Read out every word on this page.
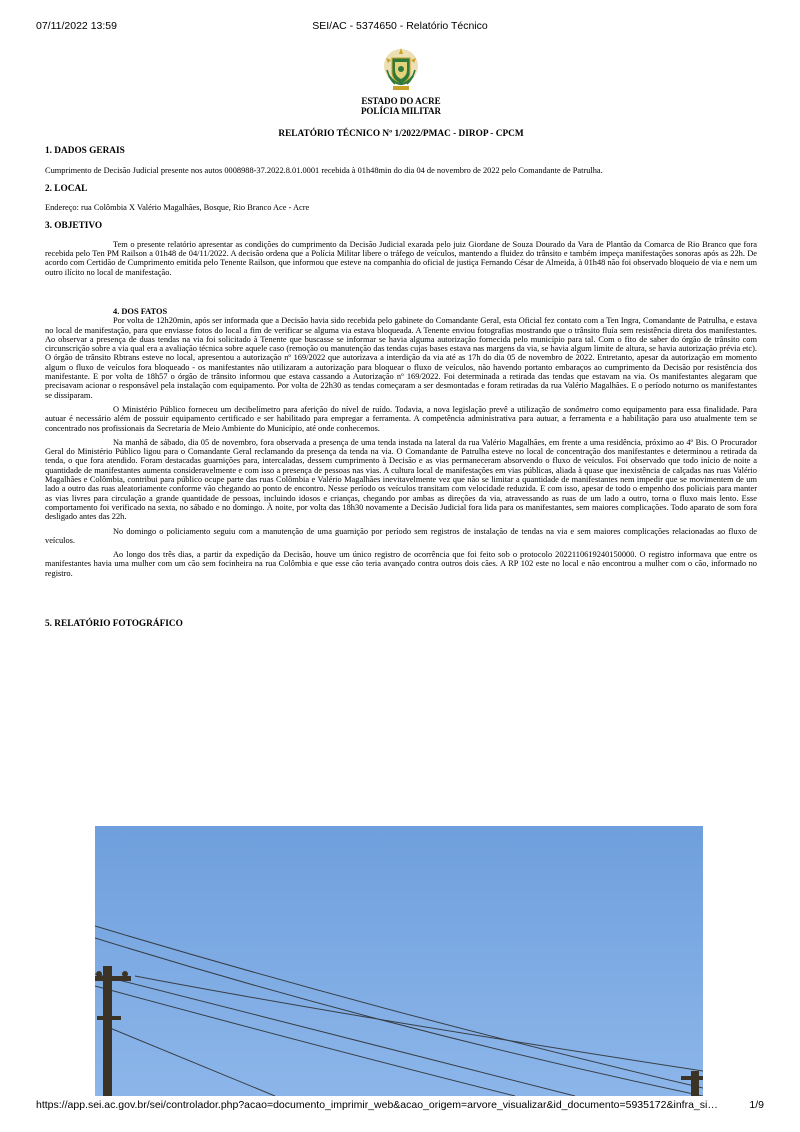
07/11/2022 13:59	SEI/AC - 5374650 - Relatório Técnico
ESTADO DO ACRE
POLÍCIA MILITAR
RELATÓRIO TÉCNICO Nº 1/2022/PMAC - DIROP - CPCM
1. DADOS GERAIS

Cumprimento de Decisão Judicial presente nos autos 0008988-37.2022.8.01.0001 recebida à 01h48min do dia 04 de novembro de 2022 pelo Comandante de Patrulha.

2. LOCAL

Endereço: rua Colômbia X Valério Magalhães, Bosque, Rio Branco Ace - Acre

3. OBJETIVO

Tem o presente relatório apresentar as condições do cumprimento da Decisão Judicial exarada pelo juiz Giordane de Souza Dourado da Vara de Plantão da Comarca de Rio Branco que fora recebida pelo Ten PM Railson a 01h48 de 04/11/2022. A decisão ordena que a Polícia Militar libere o tráfego de veículos, mantendo a fluidez do trânsito e também impeça manifestações sonoras após as 22h. De acordo com Certidão de Cumprimento emitida pelo Tenente Railson, que informou que esteve na companhia do oficial de justiça Fernando César de Almeida, à 01h48 não foi observado bloqueio de via e nem um outro ilícito no local de manifestação.

4. DOS FATOS

Por volta de 12h20min, após ser informada que a Decisão havia sido recebida pelo gabinete do Comandante Geral, esta Oficial fez contato com a Ten Ingra, Comandante de Patrulha, e estava no local de manifestação, para que enviasse fotos do local a fim de verificar se alguma via estava bloqueada. A Tenente enviou fotografias mostrando que o trânsito fluía sem resistência direta dos manifestantes. Ao observar a presença de duas tendas na via foi solicitado à Tenente que buscasse se informar se havia alguma autorização fornecida pelo município para tal. Com o fito de saber do órgão de trânsito com circunscrição sobre a via qual era a avaliação técnica sobre aquele caso (remoção ou manutenção das tendas cujas bases estava nas margens da via, se havia algum limite de altura, se havia autorização prévia etc). O órgão de trânsito Rbtrans esteve no local, apresentou a autorização nº 169/2022 que autorizava a interdição da via até as 17h do dia 05 de novembro de 2022. Entretanto, apesar da autorização em momento algum o fluxo de veículos fora bloqueado - os manifestantes não utilizaram a autorização para bloquear o fluxo de veículos, não havendo portanto embaraços ao cumprimento da Decisão por resistência dos manifestante. E por volta de 18h57 o órgão de trânsito informou que estava cassando a Autorização nº 169/2022. Foi determinada a retirada das tendas que estavam na via. Os manifestantes alegaram que precisavam acionar o responsável pela instalação com equipamento. Por volta de 22h30 as tendas começaram a ser desmontadas e foram retiradas da rua Valério Magalhães. E o período noturno os manifestantes se dissiparam.

O Ministério Público forneceu um decibelímetro para aferição do nível de ruído. Todavia, a nova legislação prevê a utilização de sonômetro como equipamento para essa finalidade. Para autuar é necessário além de possuir equipamento certificado e ser habilitado para empregar a ferramenta. A competência administrativa para autuar, a ferramenta e a habilitação para uso atualmente tem se concentrado nos profissionais da Secretaria de Meio Ambiente do Município, até onde conhecemos.

Na manhã de sábado, dia 05 de novembro, fora observada a presença de uma tenda instada na lateral da rua Valério Magalhães, em frente a uma residência, próximo ao 4º Bis. O Procurador Geral do Ministério Público ligou para o Comandante Geral reclamando da presença da tenda na via. O Comandante de Patrulha esteve no local de concentração dos manifestantes e determinou a retirada da tenda, o que fora atendido. Foram destacadas guarnições para, intercaladas, dessem cumprimento à Decisão e as vias permaneceram absorvendo o fluxo de veículos. Foi observado que todo início de noite a quantidade de manifestantes aumenta consideravelmente e com isso a presença de pessoas nas vias. A cultura local de manifestações em vias públicas, aliada à quase que inexistência de calçadas nas ruas Valério Magalhães e Colômbia, contribui para público ocupe parte das ruas Colômbia e Valério Magalhães inevitavelmente vez que não se limitar a quantidade de manifestantes nem impedir que se movimentem de um lado a outro das ruas aleatoriamente conforme vão chegando ao ponto de encontro. Nesse período os veículos transitam com velocidade reduzida. E com isso, apesar de todo o empenho dos policiais para manter as vias livres para circulação a grande quantidade de pessoas, incluindo idosos e crianças, chegando por ambas as direções da via, atravessando as ruas de um lado a outro, torna o fluxo mais lento. Esse comportamento foi verificado na sexta, no sábado e no domingo. À noite, por volta das 18h30 novamente a Decisão Judicial fora lida para os manifestantes, sem maiores complicações. Todo aparato de som fora desligado antes das 22h.

No domingo o policiamento seguiu com a manutenção de uma guarnição por período sem registros de instalação de tendas na via e sem maiores complicações relacionadas ao fluxo de veículos.

Ao longo dos três dias, a partir da expedição da Decisão, houve um único registro de ocorrência que foi feito sob o protocolo 2022110619240150000. O registro informava que entre os manifestantes havia uma mulher com um cão sem focinheira na rua Colômbia e que esse cão teria avançado contra outros dois cães. A RP 102 este no local e não encontrou a mulher com o cão, informado no registro.

5. RELATÓRIO FOTOGRÁFICO
https://app.sei.ac.gov.br/sei/controlador.php?acao=documento_imprimir_web&acao_origem=arvore_visualizar&id_documento=5935172&infra_si…	1/9
